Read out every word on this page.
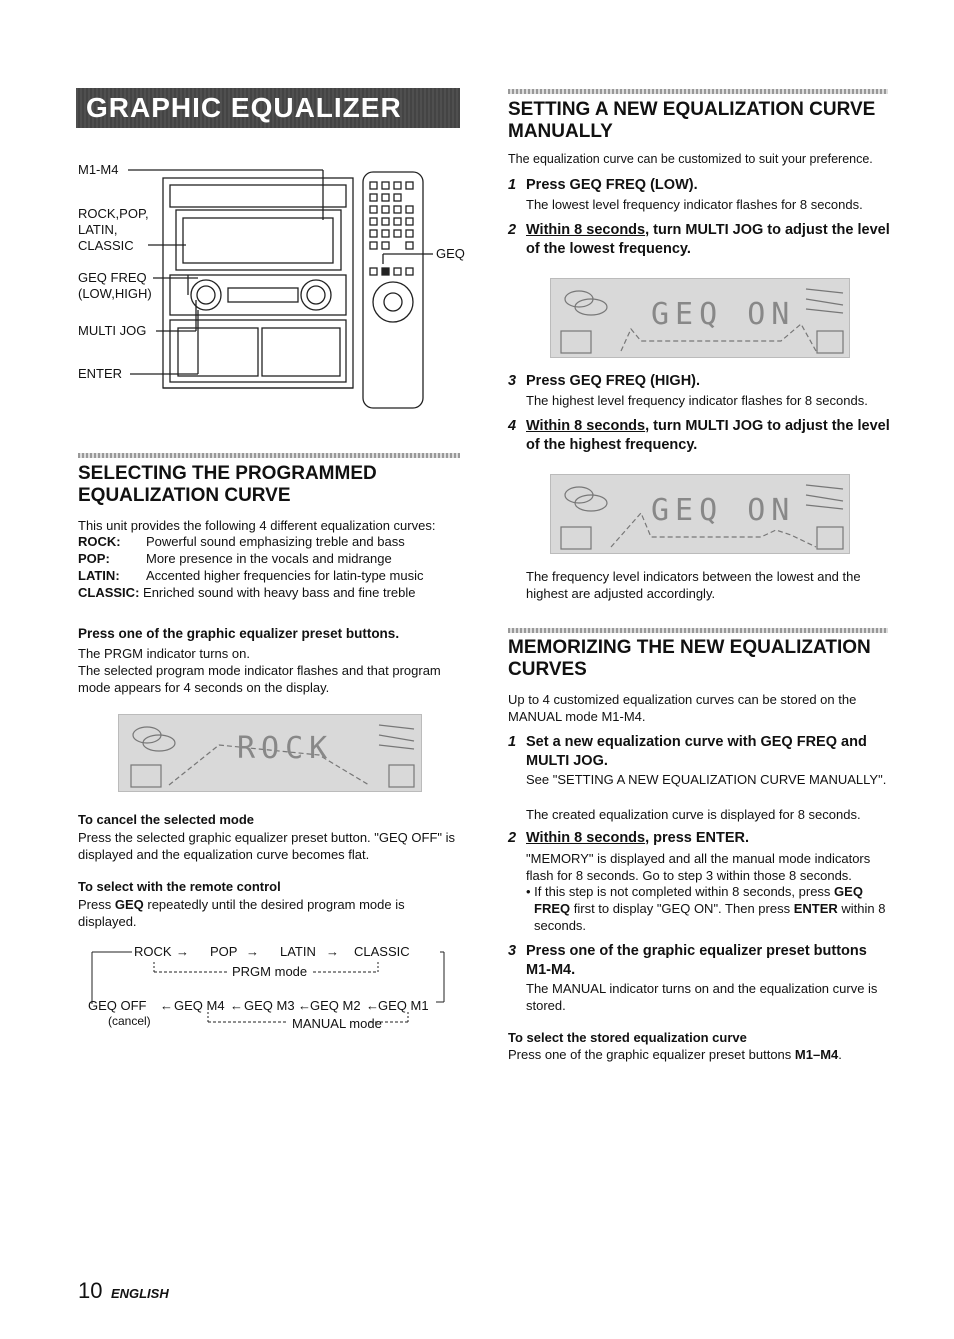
GRAPHIC EQUALIZER
M1-M4
ROCK,POP,
LATIN,
CLASSIC
GEQ FREQ
(LOW,HIGH)
MULTI JOG
ENTER
GEQ
SELECTING THE PROGRAMMED EQUALIZATION CURVE
This unit provides the following 4 different equalization curves:
ROCK:	Powerful sound emphasizing treble and bass
POP:	More presence in the vocals and midrange
LATIN:	Accented higher frequencies for latin-type music
CLASSIC:
Enriched sound with heavy bass and fine treble
Press one of the graphic equalizer preset buttons.
The PRGM indicator turns on.
The selected program mode indicator flashes and that program mode appears for 4 seconds on the display.
ROCK
To cancel the selected mode
Press the selected graphic equalizer preset button. "GEQ OFF" is displayed and the equalization curve becomes flat.
To select with the remote control
Press GEQ repeatedly until the desired program mode is displayed.
ROCK → POP → LATIN → CLASSIC
PRGM mode
GEQ OFF ← GEQ M4 ← GEQ M3 ← GEQ M2 ← GEQ M1
(cancel)	MANUAL mode
SETTING A NEW EQUALIZATION CURVE MANUALLY
The equalization curve can be customized to suit your preference.
1 Press GEQ FREQ (LOW).
The lowest level frequency indicator flashes for 8 seconds.
2 Within 8 seconds, turn MULTI JOG to adjust the level of the lowest frequency.
GEQ ON
3 Press GEQ FREQ (HIGH).
The highest level frequency indicator flashes for 8 seconds.
4 Within 8 seconds, turn MULTI JOG to adjust the level of the highest frequency.
GEQ ON
The frequency level indicators between the lowest and the highest are adjusted accordingly.
MEMORIZING THE NEW EQUALIZATION CURVES
Up to 4 customized equalization curves can be stored on the MANUAL mode M1-M4.
1 Set a new equalization curve with GEQ FREQ and MULTI JOG.
See "SETTING A NEW EQUALIZATION CURVE MANUALLY".
The created equalization curve is displayed for 8 seconds.
2 Within 8 seconds, press ENTER.
"MEMORY" is displayed and all the manual mode indicators flash for 8 seconds. Go to step 3 within those 8 seconds.
• If this step is not completed within 8 seconds, press GEQ FREQ first to display "GEQ ON". Then press ENTER within 8 seconds.
3 Press one of the graphic equalizer preset buttons M1-M4.
The MANUAL indicator turns on and the equalization curve is stored.
To select the stored equalization curve
Press one of the graphic equalizer preset buttons M1–M4.
10 ENGLISH
